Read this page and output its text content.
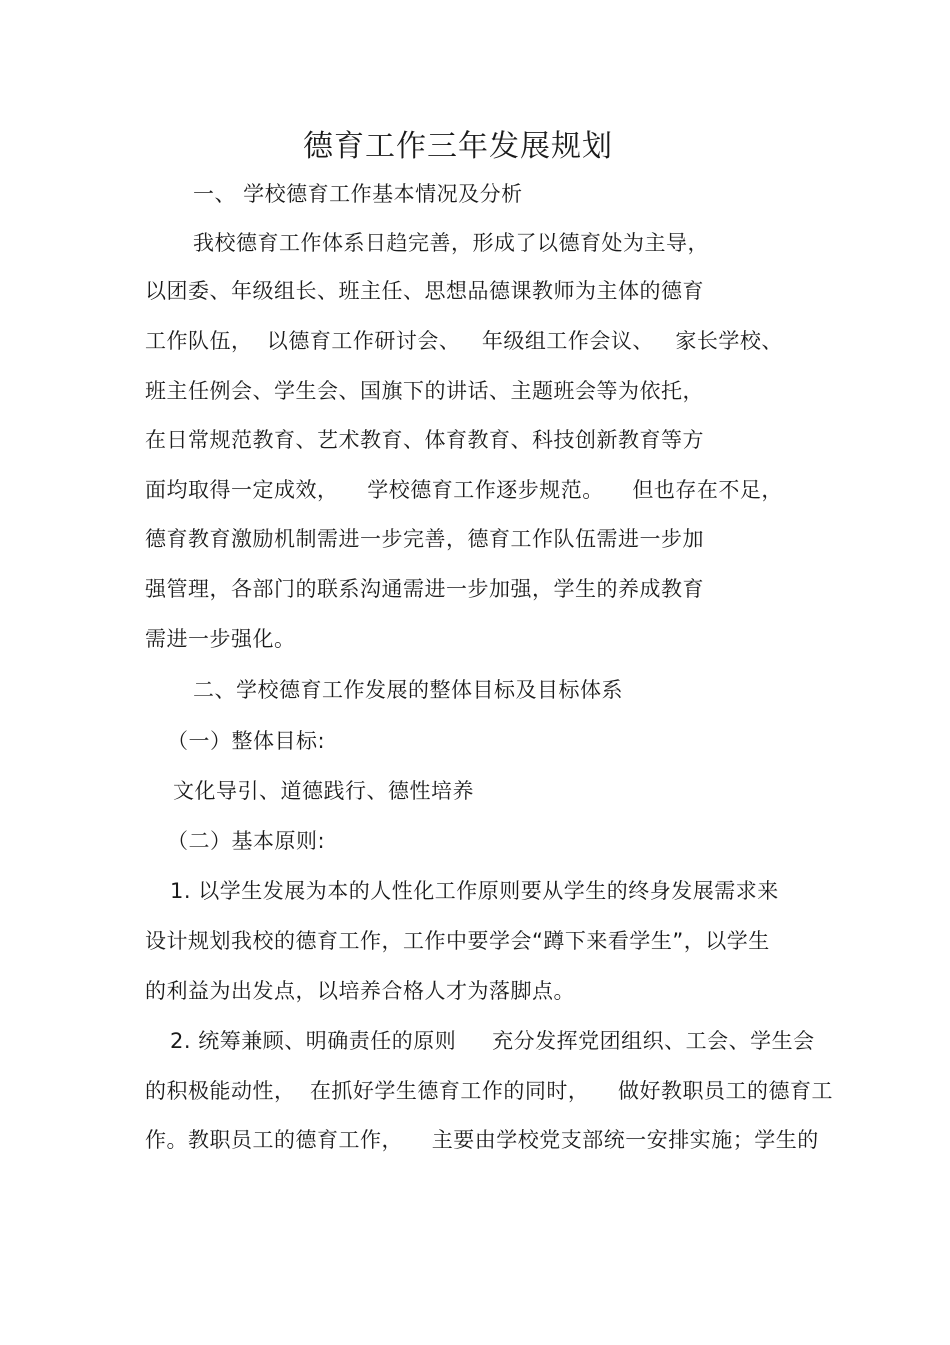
德育工作三年发展规划
一、 学校德育工作基本情况及分析
我校德育工作体系日趋完善，形成了以德育处为主导，
以团委、年级组长、班主任、思想品德课教师为主体的德育
工作队伍，  以德育工作研讨会、   年级组工作会议、   家长学校、
班主任例会、学生会、国旗下的讲话、主题班会等为依托，
在日常规范教育、艺术教育、体育教育、科技创新教育等方
面均取得一定成效，    学校德育工作逐步规范。    但也存在不足，
德育教育激励机制需进一步完善，德育工作队伍需进一步加
强管理，各部门的联系沟通需进一步加强，学生的养成教育
需进一步强化。
二、学校德育工作发展的整体目标及目标体系
（一）整体目标:
文化导引、道德践行、德性培养
（二）基本原则:
1. 以学生发展为本的人性化工作原则要从学生的终身发展需求来
设计规划我校的德育工作，工作中要学会“蹲下来看学生”，以学生
的利益为出发点，以培养合格人才为落脚点。
2. 统筹兼顾、明确责任的原则     充分发挥党团组织、工会、学生会
的积极能动性，  在抓好学生德育工作的同时，    做好教职员工的德育工
作。教职员工的德育工作，    主要由学校党支部统一安排实施；学生的
